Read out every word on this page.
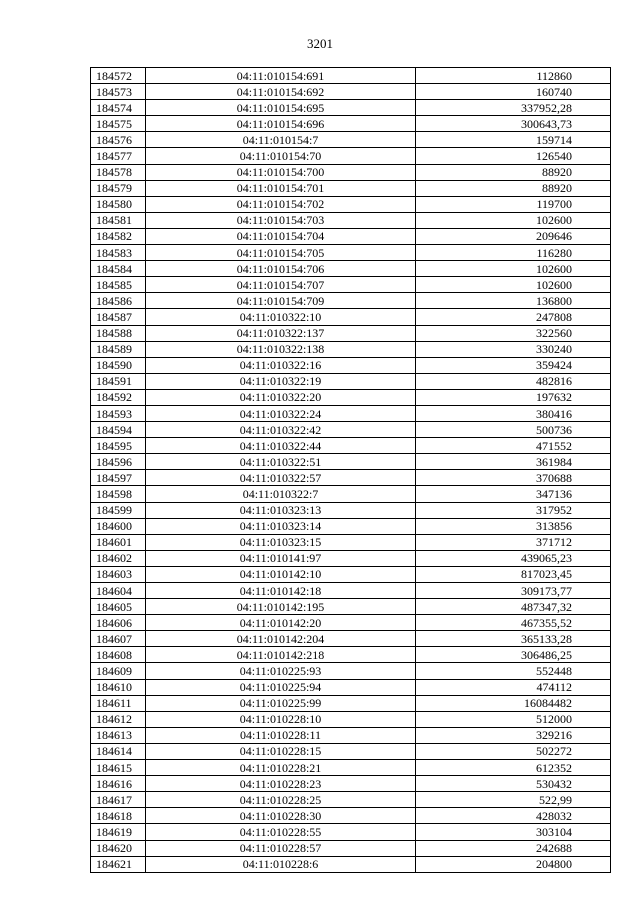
3201
184572	04:11:010154:691	112860
184573	04:11:010154:692	160740
184574	04:11:010154:695	337952,28
184575	04:11:010154:696	300643,73
184576	04:11:010154:7	159714
184577	04:11:010154:70	126540
184578	04:11:010154:700	88920
184579	04:11:010154:701	88920
184580	04:11:010154:702	119700
184581	04:11:010154:703	102600
184582	04:11:010154:704	209646
184583	04:11:010154:705	116280
184584	04:11:010154:706	102600
184585	04:11:010154:707	102600
184586	04:11:010154:709	136800
184587	04:11:010322:10	247808
184588	04:11:010322:137	322560
184589	04:11:010322:138	330240
184590	04:11:010322:16	359424
184591	04:11:010322:19	482816
184592	04:11:010322:20	197632
184593	04:11:010322:24	380416
184594	04:11:010322:42	500736
184595	04:11:010322:44	471552
184596	04:11:010322:51	361984
184597	04:11:010322:57	370688
184598	04:11:010322:7	347136
184599	04:11:010323:13	317952
184600	04:11:010323:14	313856
184601	04:11:010323:15	371712
184602	04:11:010141:97	439065,23
184603	04:11:010142:10	817023,45
184604	04:11:010142:18	309173,77
184605	04:11:010142:195	487347,32
184606	04:11:010142:20	467355,52
184607	04:11:010142:204	365133,28
184608	04:11:010142:218	306486,25
184609	04:11:010225:93	552448
184610	04:11:010225:94	474112
184611	04:11:010225:99	16084482
184612	04:11:010228:10	512000
184613	04:11:010228:11	329216
184614	04:11:010228:15	502272
184615	04:11:010228:21	612352
184616	04:11:010228:23	530432
184617	04:11:010228:25	522,99
184618	04:11:010228:30	428032
184619	04:11:010228:55	303104
184620	04:11:010228:57	242688
184621	04:11:010228:6	204800
